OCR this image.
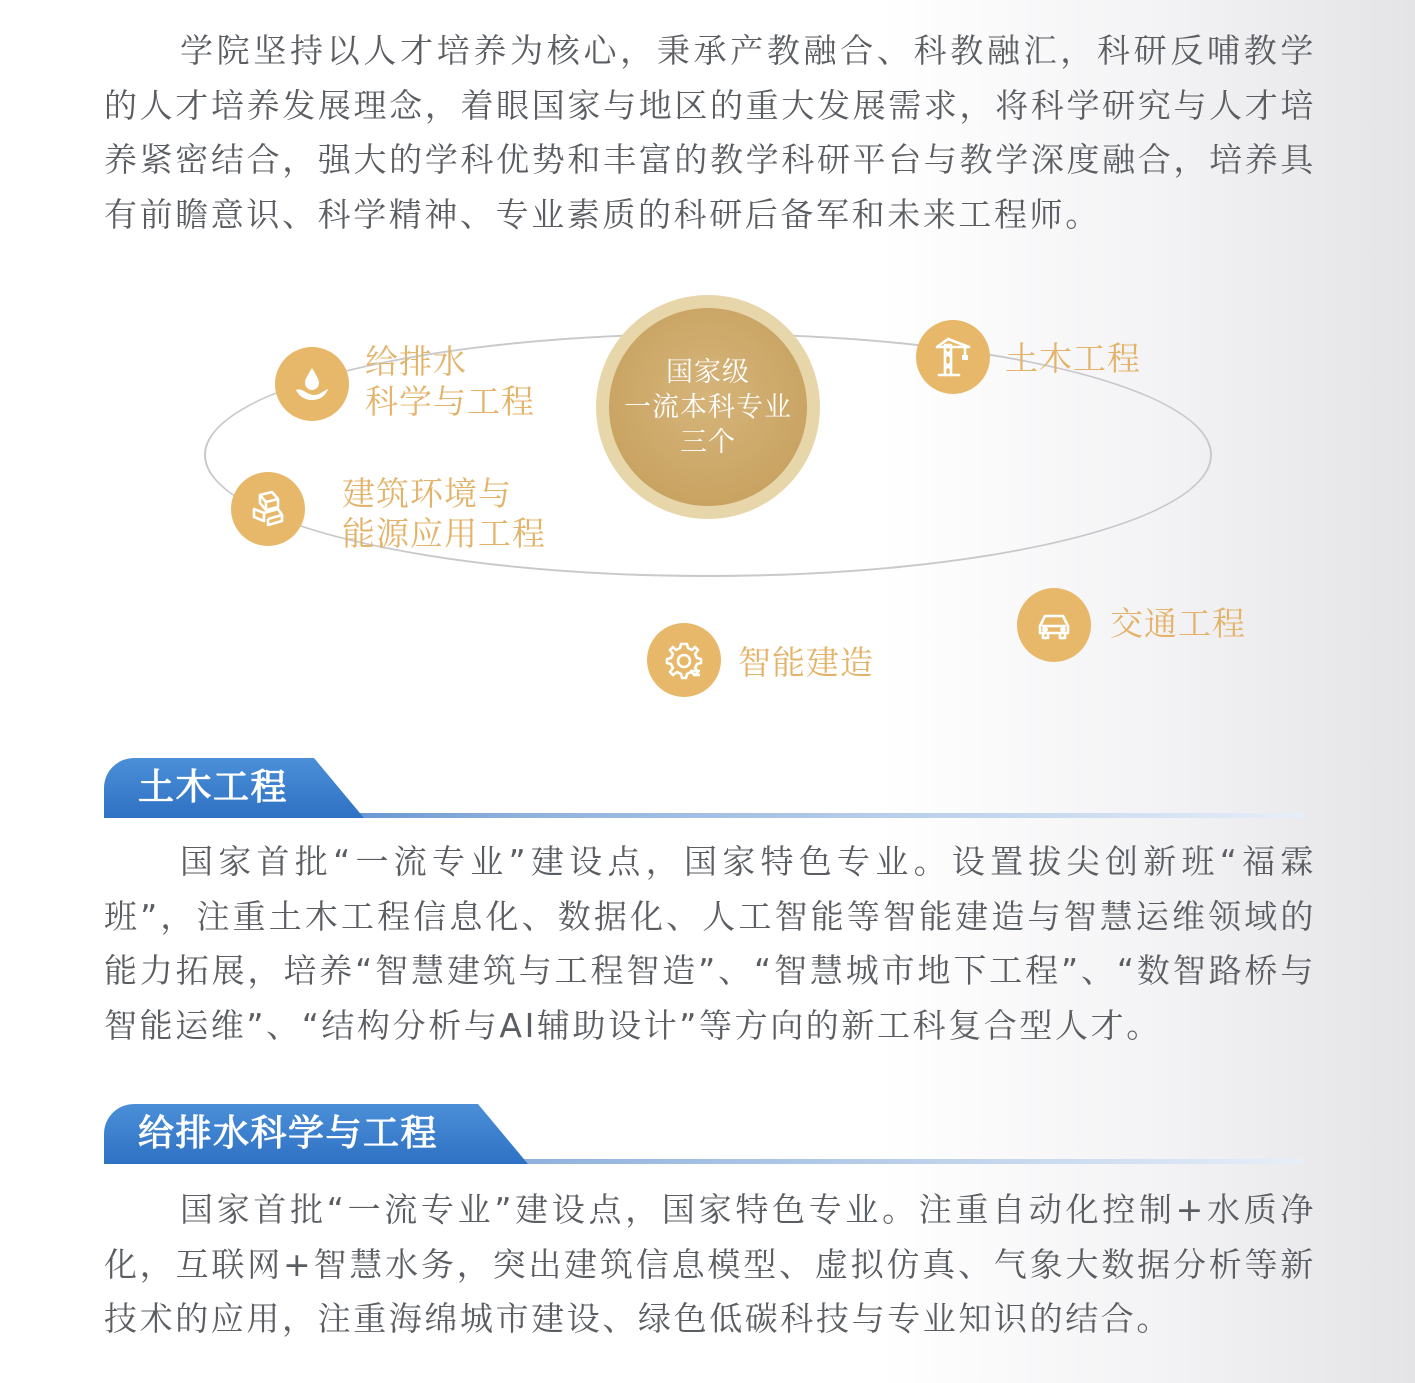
学院坚持以人才培养为核心，秉承产教融合、科教融汇，科研反哺教学的人才培养发展理念，着眼国家与地区的重大发展需求，将科学研究与人才培养紧密结合，强大的学科优势和丰富的教学科研平台与教学深度融合，培养具有前瞻意识、科学精神、专业素质的科研后备军和未来工程师。

国家级
一流本科专业
三个
给排水
科学与工程
土木工程
建筑环境与
能源应用工程
交通工程
智能建造
土木工程

国家首批“一流专业”建设点，国家特色专业。设置拔尖创新班“福霖班”，注重土木工程信息化、数据化、人工智能等智能建造与智慧运维领域的能力拓展，培养“智慧建筑与工程智造”、“智慧城市地下工程”、“数智路桥与智能运维”、“结构分析与AI辅助设计”等方向的新工科复合型人才。

给排水科学与工程

国家首批“一流专业”建设点，国家特色专业。注重自动化控制+水质净化，互联网+智慧水务，突出建筑信息模型、虚拟仿真、气象大数据分析等新技术的应用，注重海绵城市建设、绿色低碳科技与专业知识的结合。
